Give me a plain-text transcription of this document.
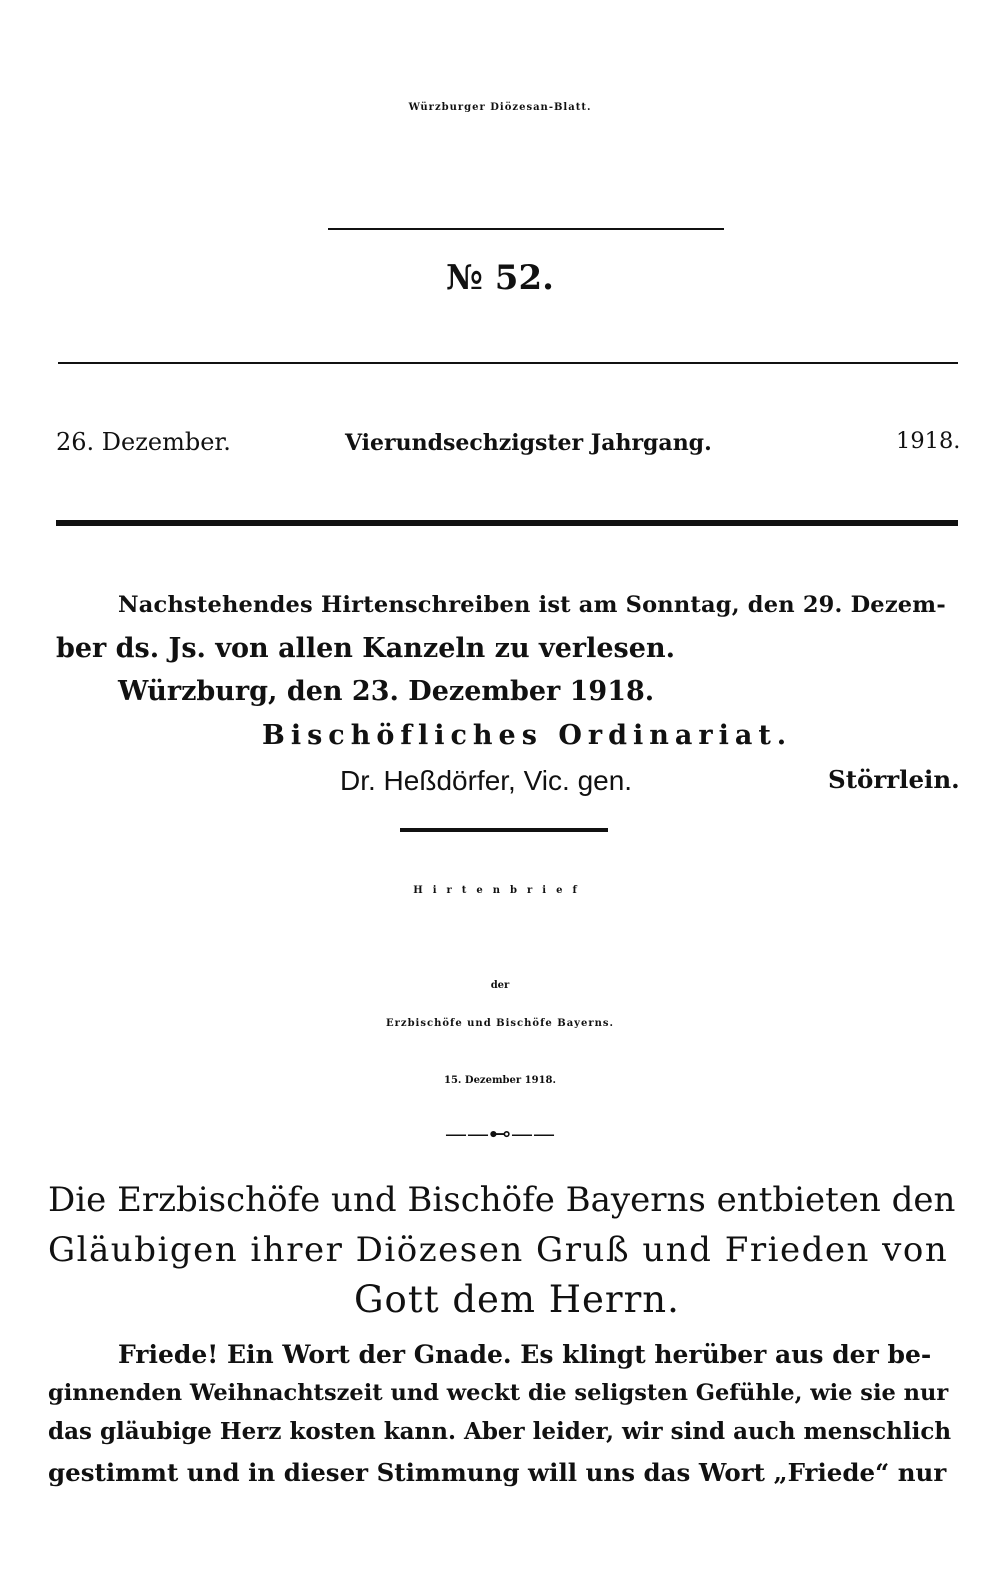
Würzburger Diözesan-Blatt.
№ 52.
26. Dezember.	Vierundsechzigster Jahrgang.	1918.
Nachstehendes Hirtenschreiben ist am Sonntag, den 29. Dezem-
ber ds. Js. von allen Kanzeln zu verlesen.
Würzburg, den 23. Dezember 1918.
Bischöfliches Ordinariat.
Dr. Heßdörfer, Vic. gen.	Störrlein.
Hirtenbrief
der
Erzbischöfe und Bischöfe Bayerns.
15. Dezember 1918.
——⊷——
Die Erzbischöfe und Bischöfe Bayerns entbieten den
Gläubigen ihrer Diözesen Gruß und Frieden von
Gott dem Herrn.
Friede! Ein Wort der Gnade. Es klingt herüber aus der be-
ginnenden Weihnachtszeit und weckt die seligsten Gefühle, wie sie nur
das gläubige Herz kosten kann. Aber leider, wir sind auch menschlich
gestimmt und in dieser Stimmung will uns das Wort „Friede“ nur
